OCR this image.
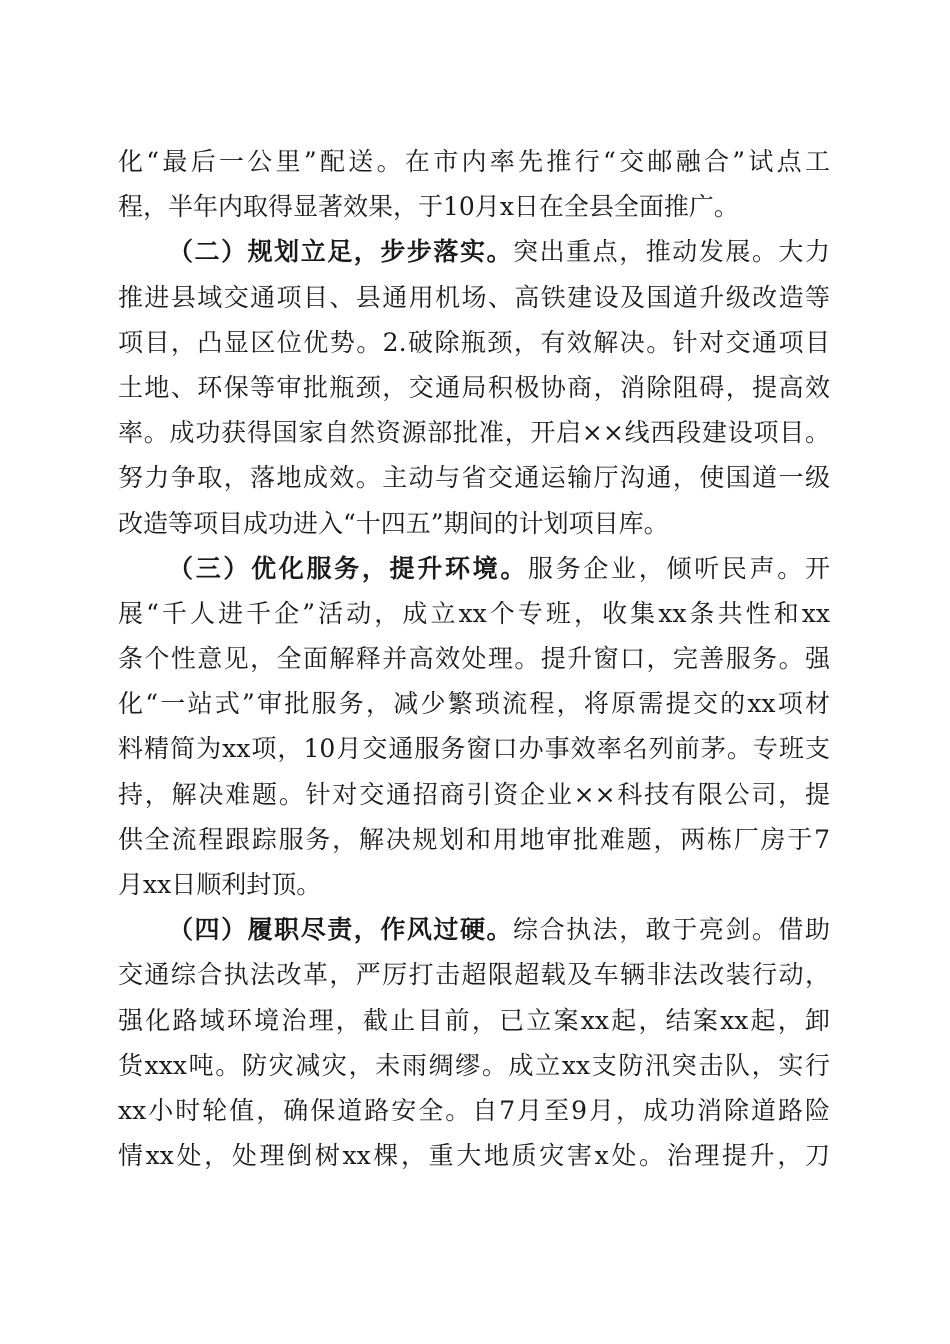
化“最后一公里”配送。在市内率先推行“交邮融合”试点工
程，半年内取得显著效果，于10月x日在全县全面推广。
（二）规划立足，步步落实。突出重点，推动发展。大力
推进县域交通项目、县通用机场、高铁建设及国道升级改造等
项目，凸显区位优势。2.破除瓶颈，有效解决。针对交通项目
土地、环保等审批瓶颈，交通局积极协商，消除阻碍，提高效
率。成功获得国家自然资源部批准，开启××线西段建设项目。
努力争取，落地成效。主动与省交通运输厅沟通，使国道一级
改造等项目成功进入“十四五”期间的计划项目库。
（三）优化服务，提升环境。服务企业，倾听民声。开
展“千人进千企”活动，成立xx个专班，收集xx条共性和xx
条个性意见，全面解释并高效处理。提升窗口，完善服务。强
化“一站式”审批服务，减少繁琐流程，将原需提交的xx项材
料精简为xx项，10月交通服务窗口办事效率名列前茅。专班支
持，解决难题。针对交通招商引资企业××科技有限公司，提
供全流程跟踪服务，解决规划和用地审批难题，两栋厂房于7
月xx日顺利封顶。
（四）履职尽责，作风过硬。综合执法，敢于亮剑。借助
交通综合执法改革，严厉打击超限超载及车辆非法改装行动，
强化路域环境治理，截止目前，已立案xx起，结案xx起，卸
货xxx吨。防灾减灾，未雨绸缪。成立xx支防汛突击队，实行
xx小时轮值，确保道路安全。自7月至9月，成功消除道路险
情xx处，处理倒树xx棵，重大地质灾害x处。治理提升，刀
